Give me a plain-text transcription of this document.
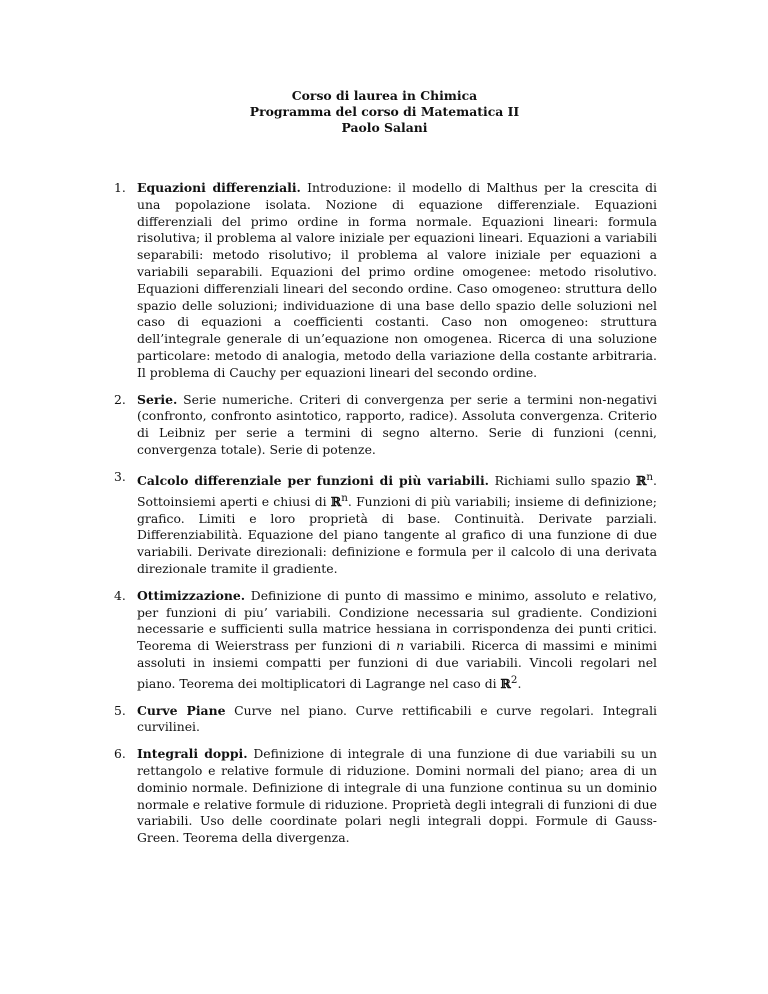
Corso di laurea in Chimica
Programma del corso di Matematica II
Paolo Salani
1. Equazioni differenziali. Introduzione: il modello di Malthus per la crescita di una popolazione isolata. Nozione di equazione differenziale. Equazioni differenziali del primo ordine in forma normale. Equazioni lineari: formula risolutiva; il problema al valore iniziale per equazioni lineari. Equazioni a variabili separabili: metodo risolutivo; il problema al valore iniziale per equazioni a variabili separabili. Equazioni del primo ordine omogenee: metodo risolutivo. Equazioni differenziali lineari del secondo ordine. Caso omogeneo: struttura dello spazio delle soluzioni; individuazione di una base dello spazio delle soluzioni nel caso di equazioni a coefficienti costanti. Caso non omogeneo: struttura dell’integrale generale di un’equazione non omogenea. Ricerca di una soluzione particolare: metodo di analogia, metodo della variazione della costante arbitraria. Il problema di Cauchy per equazioni lineari del secondo ordine.
2. Serie. Serie numeriche. Criteri di convergenza per serie a termini non-negativi (confronto, confronto asintotico, rapporto, radice). Assoluta convergenza. Criterio di Leibniz per serie a termini di segno alterno. Serie di funzioni (cenni, convergenza totale). Serie di potenze.
3. Calcolo differenziale per funzioni di più variabili. Richiami sullo spazio ℝ$^n$. Sottoinsiemi aperti e chiusi di ℝ$^n$. Funzioni di più variabili; insieme di definizione; grafico. Limiti e loro proprietà di base. Continuità. Derivate parziali. Differenziabilità. Equazione del piano tangente al grafico di una funzione di due variabili. Derivate direzionali: definizione e formula per il calcolo di una derivata direzionale tramite il gradiente.
4. Ottimizzazione. Definizione di punto di massimo e minimo, assoluto e relativo, per funzioni di piu’ variabili. Condizione necessaria sul gradiente. Condizioni necessarie e sufficienti sulla matrice hessiana in corrispondenza dei punti critici. Teorema di Weierstrass per funzioni di n variabili. Ricerca di massimi e minimi assoluti in insiemi compatti per funzioni di due variabili. Vincoli regolari nel piano. Teorema dei moltiplicatori di Lagrange nel caso di ℝ$^2$.
5. Curve Piane Curve nel piano. Curve rettificabili e curve regolari. Integrali curvilinei.
6. Integrali doppi. Definizione di integrale di una funzione di due variabili su un rettangolo e relative formule di riduzione. Domini normali del piano; area di un dominio normale. Definizione di integrale di una funzione continua su un dominio normale e relative formule di riduzione. Proprietà degli integrali di funzioni di due variabili. Uso delle coordinate polari negli integrali doppi. Formule di Gauss-Green. Teorema della divergenza.
